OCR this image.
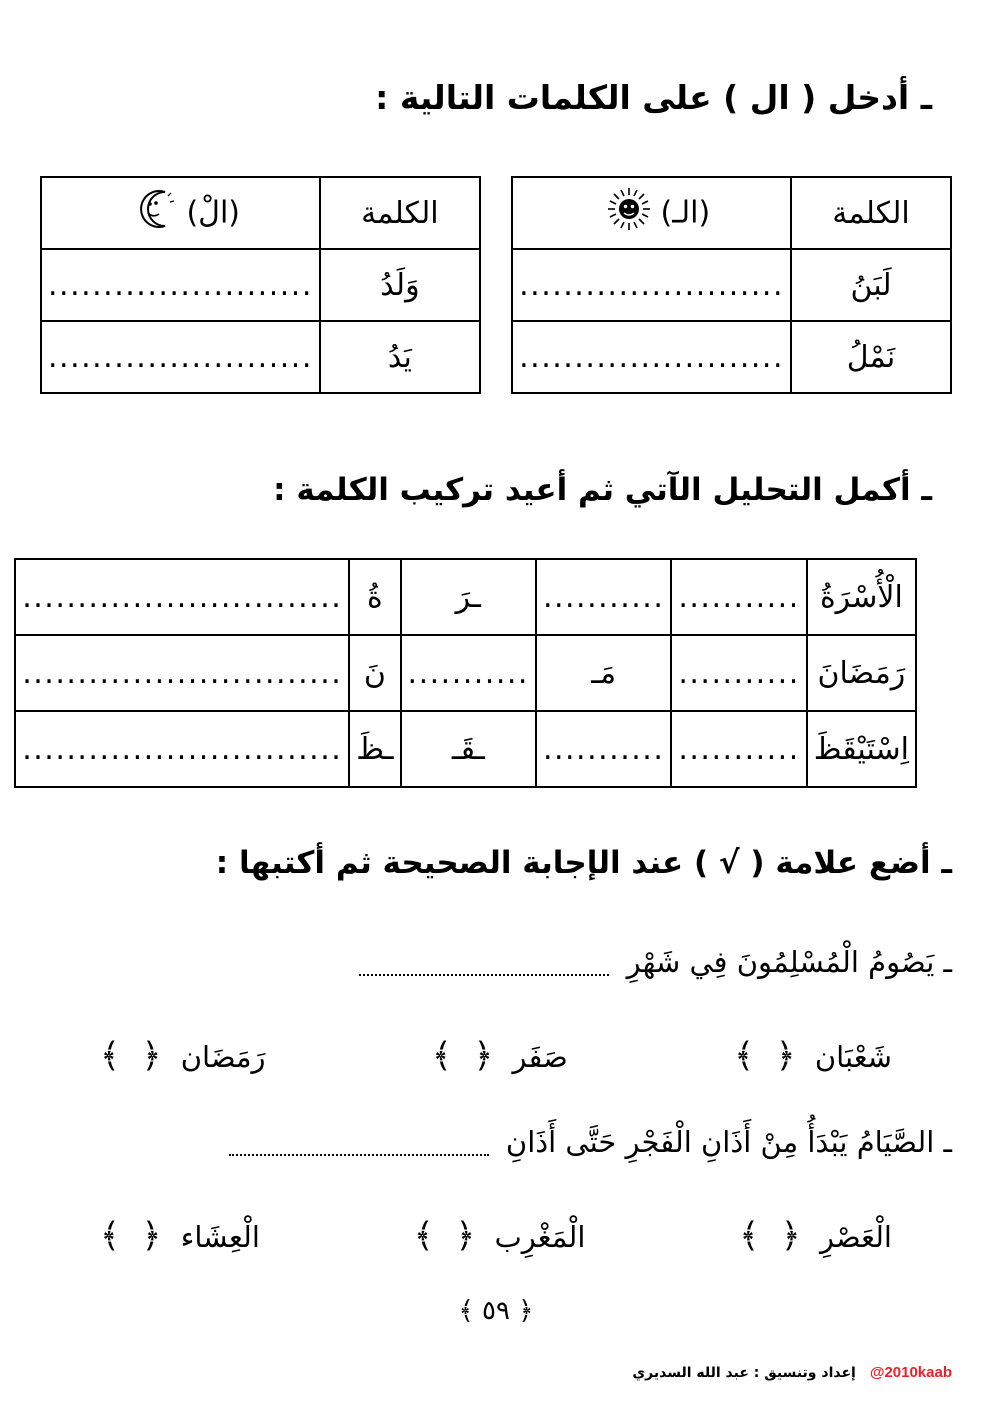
ـ أدخل ( ال ) على الكلمات التالية :
الكلمة	(الـ)
لَبَنُ	........................
نَمْلُ	........................
الكلمة	(الْ)
وَلَدُ	........................
يَدُ	........................
ـ أكمل التحليل الآتي ثم أعيد تركيب الكلمة :
الْأُسْرَةُ	...........	...........	ـرَ	ةُ	.............................
رَمَضَانَ	...........	مَـ	...........	نَ	.............................
اِسْتَيْقَظَ	...........	...........	ـقَـ	ـظَ	.............................
ـ أضع علامة ( √ ) عند الإجابة الصحيحة ثم أكتبها :
ـ يَصُومُ الْمُسْلِمُونَ فِي شَهْرِ
شَعْبَان ﴿  ﴾
صَفَر ﴿  ﴾
رَمَضَان ﴿  ﴾
ـ الصَّيَامُ يَبْدَأُ مِنْ أَذَانِ الْفَجْرِ حَتَّى أَذَانِ
الْعَصْرِ ﴿  ﴾
الْمَغْرِب ﴿  ﴾
الْعِشَاء ﴿  ﴾
﴿ ٥٩ ﴾
@2010kaab
إعداد وتنسيق : عبد الله السديري
